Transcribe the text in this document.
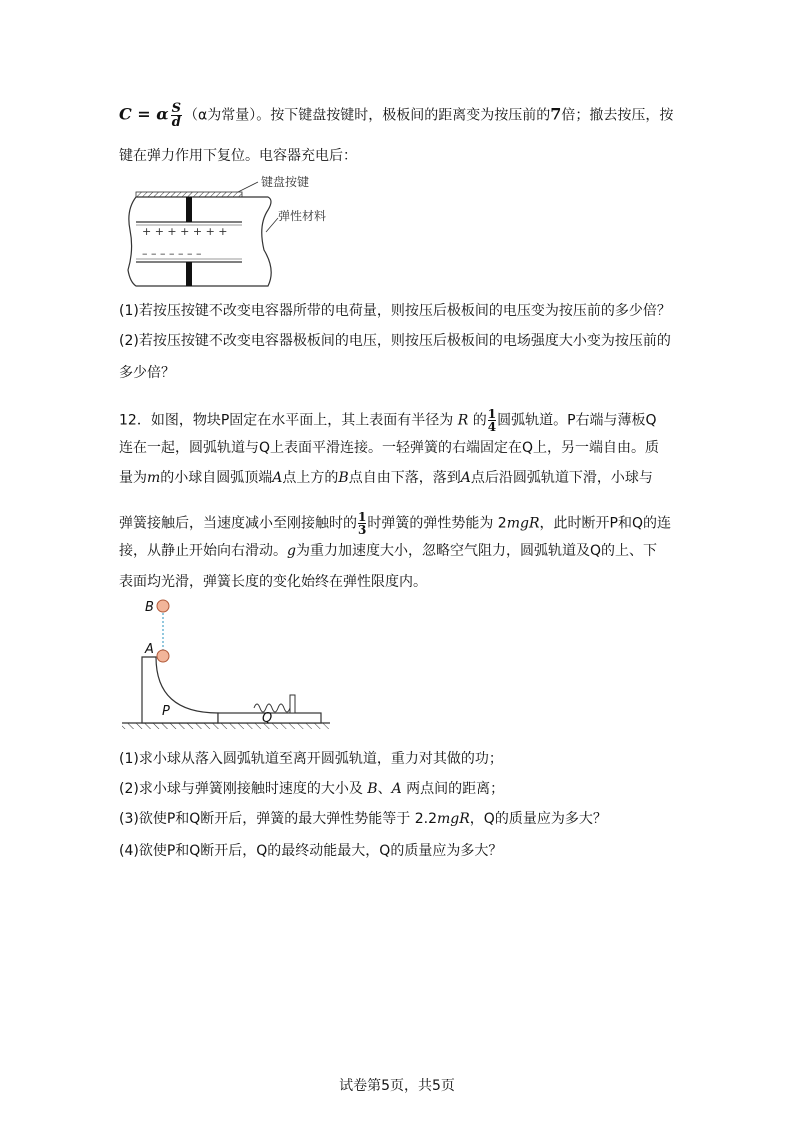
C = α $\frac{S}{d} (\alpha$为常量）。按下键盘按键时，极板间的距离变为按压前的7倍；撤去按压，按
键在弹力作用下复位。电容器充电后：
+ + + + + + +
– – – – – – –
键盘按键
弹性材料
(1)若按压按键不改变电容器所带的电荷量，则按压后极板间的电压变为按压前的多少倍？
(2)若按压按键不改变电容器极板间的电压，则按压后极板间的电场强度大小变为按压前的
多少倍？
12．如图，物块P固定在水平面上，其上表面有半径为 R 的 $\frac{1}{4}$ 圆弧轨道。P右端与薄板Q
连在一起，圆弧轨道与Q上表面平滑连接。一轻弹簧的右端固定在Q上，另一端自由。质
量为m的小球自圆弧顶端A点上方的B点自由下落，落到A点后沿圆弧轨道下滑，小球与
弹簧接触后，当速度减小至刚接触时的 $\frac{1}{3}$ 时弹簧的弹性势能为 2mgR，此时断开P和Q的连
接，从静止开始向右滑动。g为重力加速度大小，忽略空气阻力，圆弧轨道及Q的上、下
表面均光滑，弹簧长度的变化始终在弹性限度内。
B
A
P	Q
(1)求小球从落入圆弧轨道至离开圆弧轨道，重力对其做的功；
(2)求小球与弹簧刚接触时速度的大小及 B、A 两点间的距离；
(3)欲使P和Q断开后，弹簧的最大弹性势能等于 2.2mgR，Q的质量应为多大？
(4)欲使P和Q断开后，Q的最终动能最大，Q的质量应为多大？
试卷第5页，共5页
